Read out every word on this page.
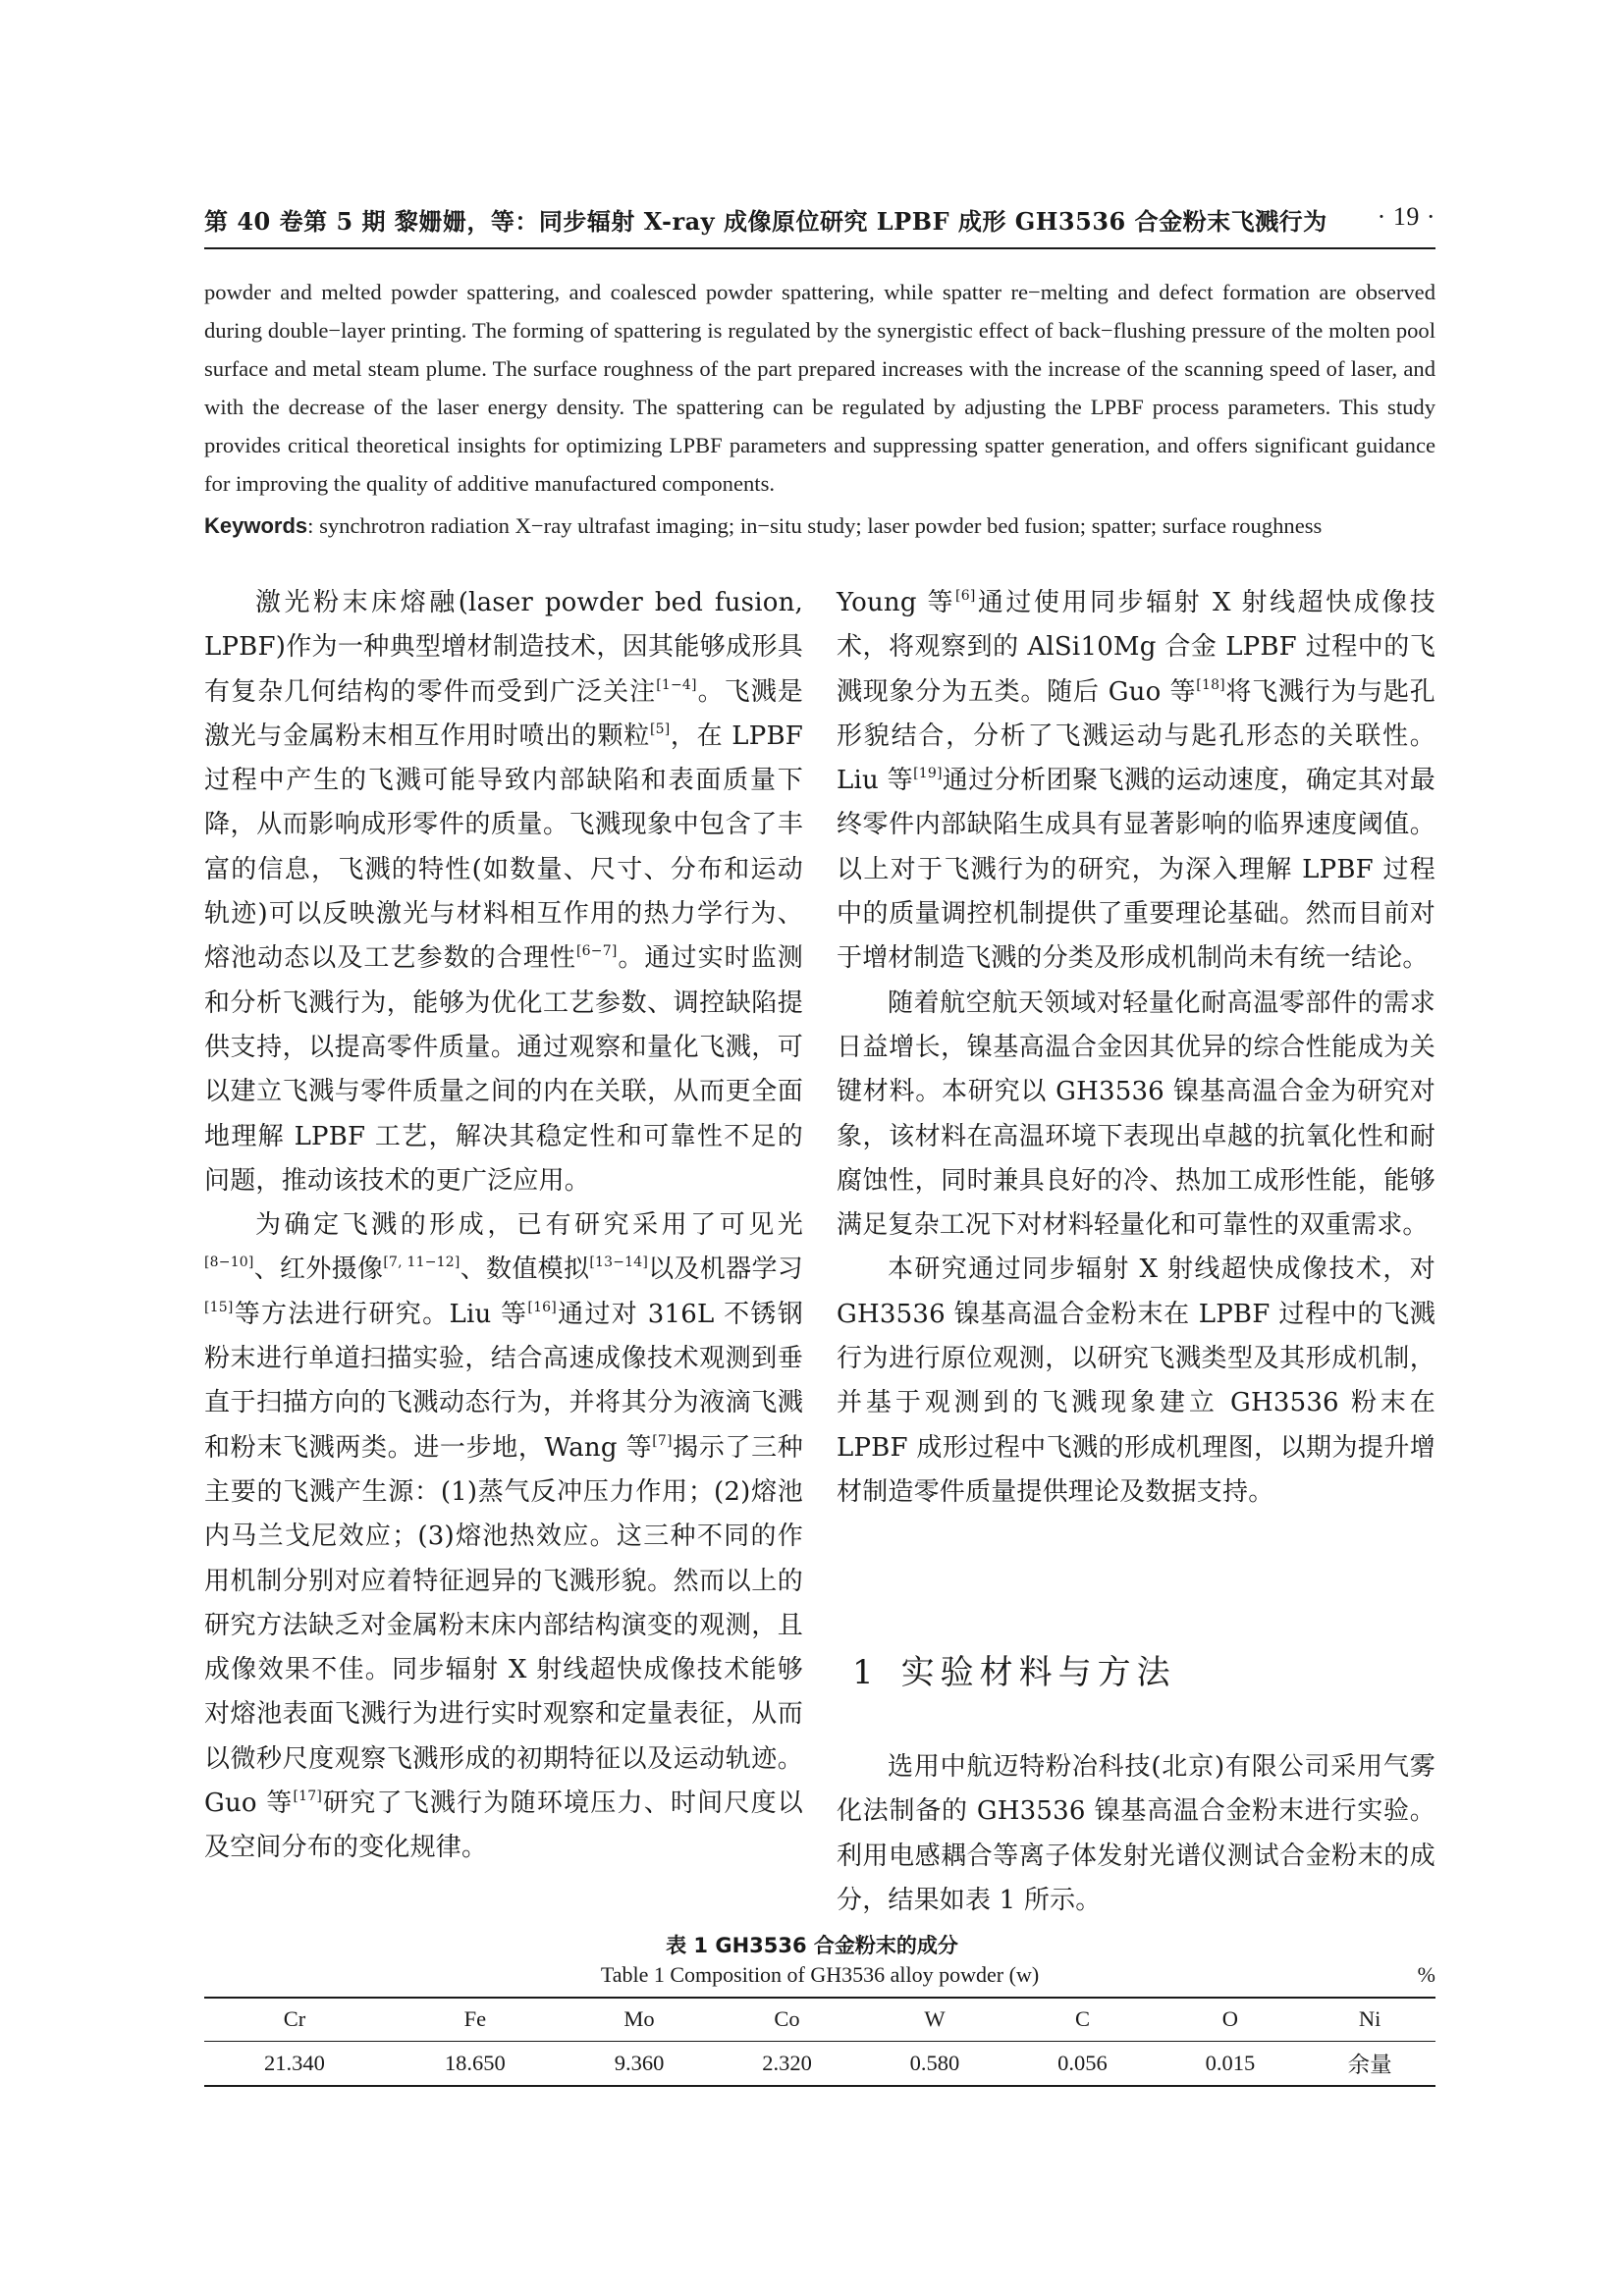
第 40 卷第 5 期 黎姗姗，等：同步辐射 X-ray 成像原位研究 LPBF 成形 GH3536 合金粉末飞溅行为 · 19 ·

powder and melted powder spattering, and coalesced powder spattering, while spatter re−melting and defect formation are observed during double−layer printing. The forming of spattering is regulated by the synergistic effect of back−flushing pressure of the molten pool surface and metal steam plume. The surface roughness of the part prepared increases with the increase of the scanning speed of laser, and with the decrease of the laser energy density. The spattering can be regulated by adjusting the LPBF process parameters. This study provides critical theoretical insights for optimizing LPBF parameters and suppressing spatter generation, and offers significant guidance for improving the quality of additive manufactured components.

Keywords: synchrotron radiation X−ray ultrafast imaging; in−situ study; laser powder bed fusion; spatter; surface roughness

激光粉末床熔融(laser powder bed fusion, LPBF)作为一种典型增材制造技术，因其能够成形具有复杂几何结构的零件而受到广泛关注[1−4]。飞溅是激光与金属粉末相互作用时喷出的颗粒[5]，在 LPBF 过程中产生的飞溅可能导致内部缺陷和表面质量下降，从而影响成形零件的质量。飞溅现象中包含了丰富的信息，飞溅的特性(如数量、尺寸、分布和运动轨迹)可以反映激光与材料相互作用的热力学行为、熔池动态以及工艺参数的合理性[6−7]。通过实时监测和分析飞溅行为，能够为优化工艺参数、调控缺陷提供支持，以提高零件质量。通过观察和量化飞溅，可以建立飞溅与零件质量之间的内在关联，从而更全面地理解 LPBF 工艺，解决其稳定性和可靠性不足的问题，推动该技术的更广泛应用。

为确定飞溅的形成，已有研究采用了可见光[8−10]、红外摄像[7, 11−12]、数值模拟[13−14]以及机器学习[15]等方法进行研究。Liu 等[16]通过对 316L 不锈钢粉末进行单道扫描实验，结合高速成像技术观测到垂直于扫描方向的飞溅动态行为，并将其分为液滴飞溅和粉末飞溅两类。进一步地，Wang 等[7]揭示了三种主要的飞溅产生源：(1)蒸气反冲压力作用；(2)熔池内马兰戈尼效应；(3)熔池热效应。这三种不同的作用机制分别对应着特征迥异的飞溅形貌。然而以上的研究方法缺乏对金属粉末床内部结构演变的观测，且成像效果不佳。同步辐射 X 射线超快成像技术能够对熔池表面飞溅行为进行实时观察和定量表征，从而以微秒尺度观察飞溅形成的初期特征以及运动轨迹。Guo 等[17]研究了飞溅行为随环境压力、时间尺度以及空间分布的变化规律。

Young 等[6]通过使用同步辐射 X 射线超快成像技术，将观察到的 AlSi10Mg 合金 LPBF 过程中的飞溅现象分为五类。随后 Guo 等[18]将飞溅行为与匙孔形貌结合，分析了飞溅运动与匙孔形态的关联性。Liu 等[19]通过分析团聚飞溅的运动速度，确定其对最终零件内部缺陷生成具有显著影响的临界速度阈值。以上对于飞溅行为的研究，为深入理解 LPBF 过程中的质量调控机制提供了重要理论基础。然而目前对于增材制造飞溅的分类及形成机制尚未有统一结论。

随着航空航天领域对轻量化耐高温零部件的需求日益增长，镍基高温合金因其优异的综合性能成为关键材料。本研究以 GH3536 镍基高温合金为研究对象，该材料在高温环境下表现出卓越的抗氧化性和耐腐蚀性，同时兼具良好的冷、热加工成形性能，能够满足复杂工况下对材料轻量化和可靠性的双重需求。

本研究通过同步辐射 X 射线超快成像技术，对 GH3536 镍基高温合金粉末在 LPBF 过程中的飞溅行为进行原位观测，以研究飞溅类型及其形成机制，并基于观测到的飞溅现象建立 GH3536 粉末在 LPBF 成形过程中飞溅的形成机理图，以期为提升增材制造零件质量提供理论及数据支持。

1 实验材料与方法

选用中航迈特粉冶科技(北京)有限公司采用气雾化法制备的 GH3536 镍基高温合金粉末进行实验。利用电感耦合等离子体发射光谱仪测试合金粉末的成分，结果如表 1 所示。

表 1 GH3536 合金粉末的成分

Table 1 Composition of GH3536 alloy powder (w)	%
Cr	Fe	Mo	Co	W	C	O	Ni
21.340	18.650	9.360	2.320	0.580	0.056	0.015	余量
